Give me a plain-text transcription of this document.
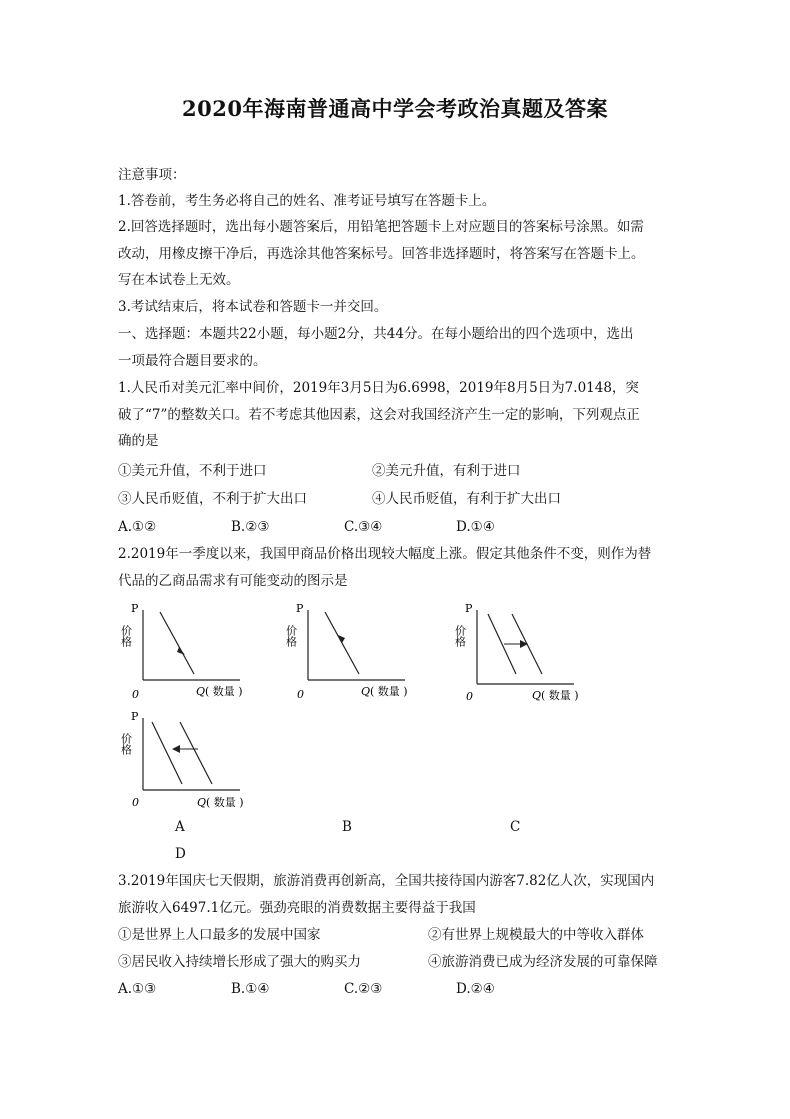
2020年海南普通高中学会考政治真题及答案
注意事项：
1.答卷前，考生务必将自己的姓名、准考证号填写在答题卡上。
2.回答选择题时，选出每小题答案后，用铅笔把答题卡上对应题目的答案标号涂黑。如需
改动，用橡皮擦干净后，再选涂其他答案标号。回答非选择题时，将答案写在答题卡上。
写在本试卷上无效。
3.考试结束后，将本试卷和答题卡一并交回。
一、选择题：本题共22小题，每小题2分，共44分。在每小题给出的四个选项中，选出
一项最符合题目要求的。
1.人民币对美元汇率中间价，2019年3月5日为6.6998，2019年8月5日为7.0148，突
破了“7”的整数关口。若不考虑其他因素，这会对我国经济产生一定的影响，下列观点正
确的是
①美元升值，不利于进口	②美元升值，有利于进口
③人民币贬值，不利于扩大出口	④人民币贬值，有利于扩大出口
A.①②	B.②③	C.③④	D.①④
2.2019年一季度以来，我国甲商品价格出现较大幅度上涨。假定其他条件不变，则作为替
代品的乙商品需求有可能变动的图示是
P
价格
0	Q ( 数量 )
P
价格
0	Q ( 数量 )
P
价格
0	Q ( 数量 )
P
价格
0	Q ( 数量 )
A	B	C
D
3.2019年国庆七天假期，旅游消费再创新高，全国共接待国内游客7.82亿人次，实现国内
旅游收入6497.1亿元。强劲亮眼的消费数据主要得益于我国
①是世界上人口最多的发展中国家	②有世界上规模最大的中等收入群体
③居民收入持续增长形成了强大的购买力	④旅游消费已成为经济发展的可靠保障
A.①③	B.①④	C.②③	D.②④
